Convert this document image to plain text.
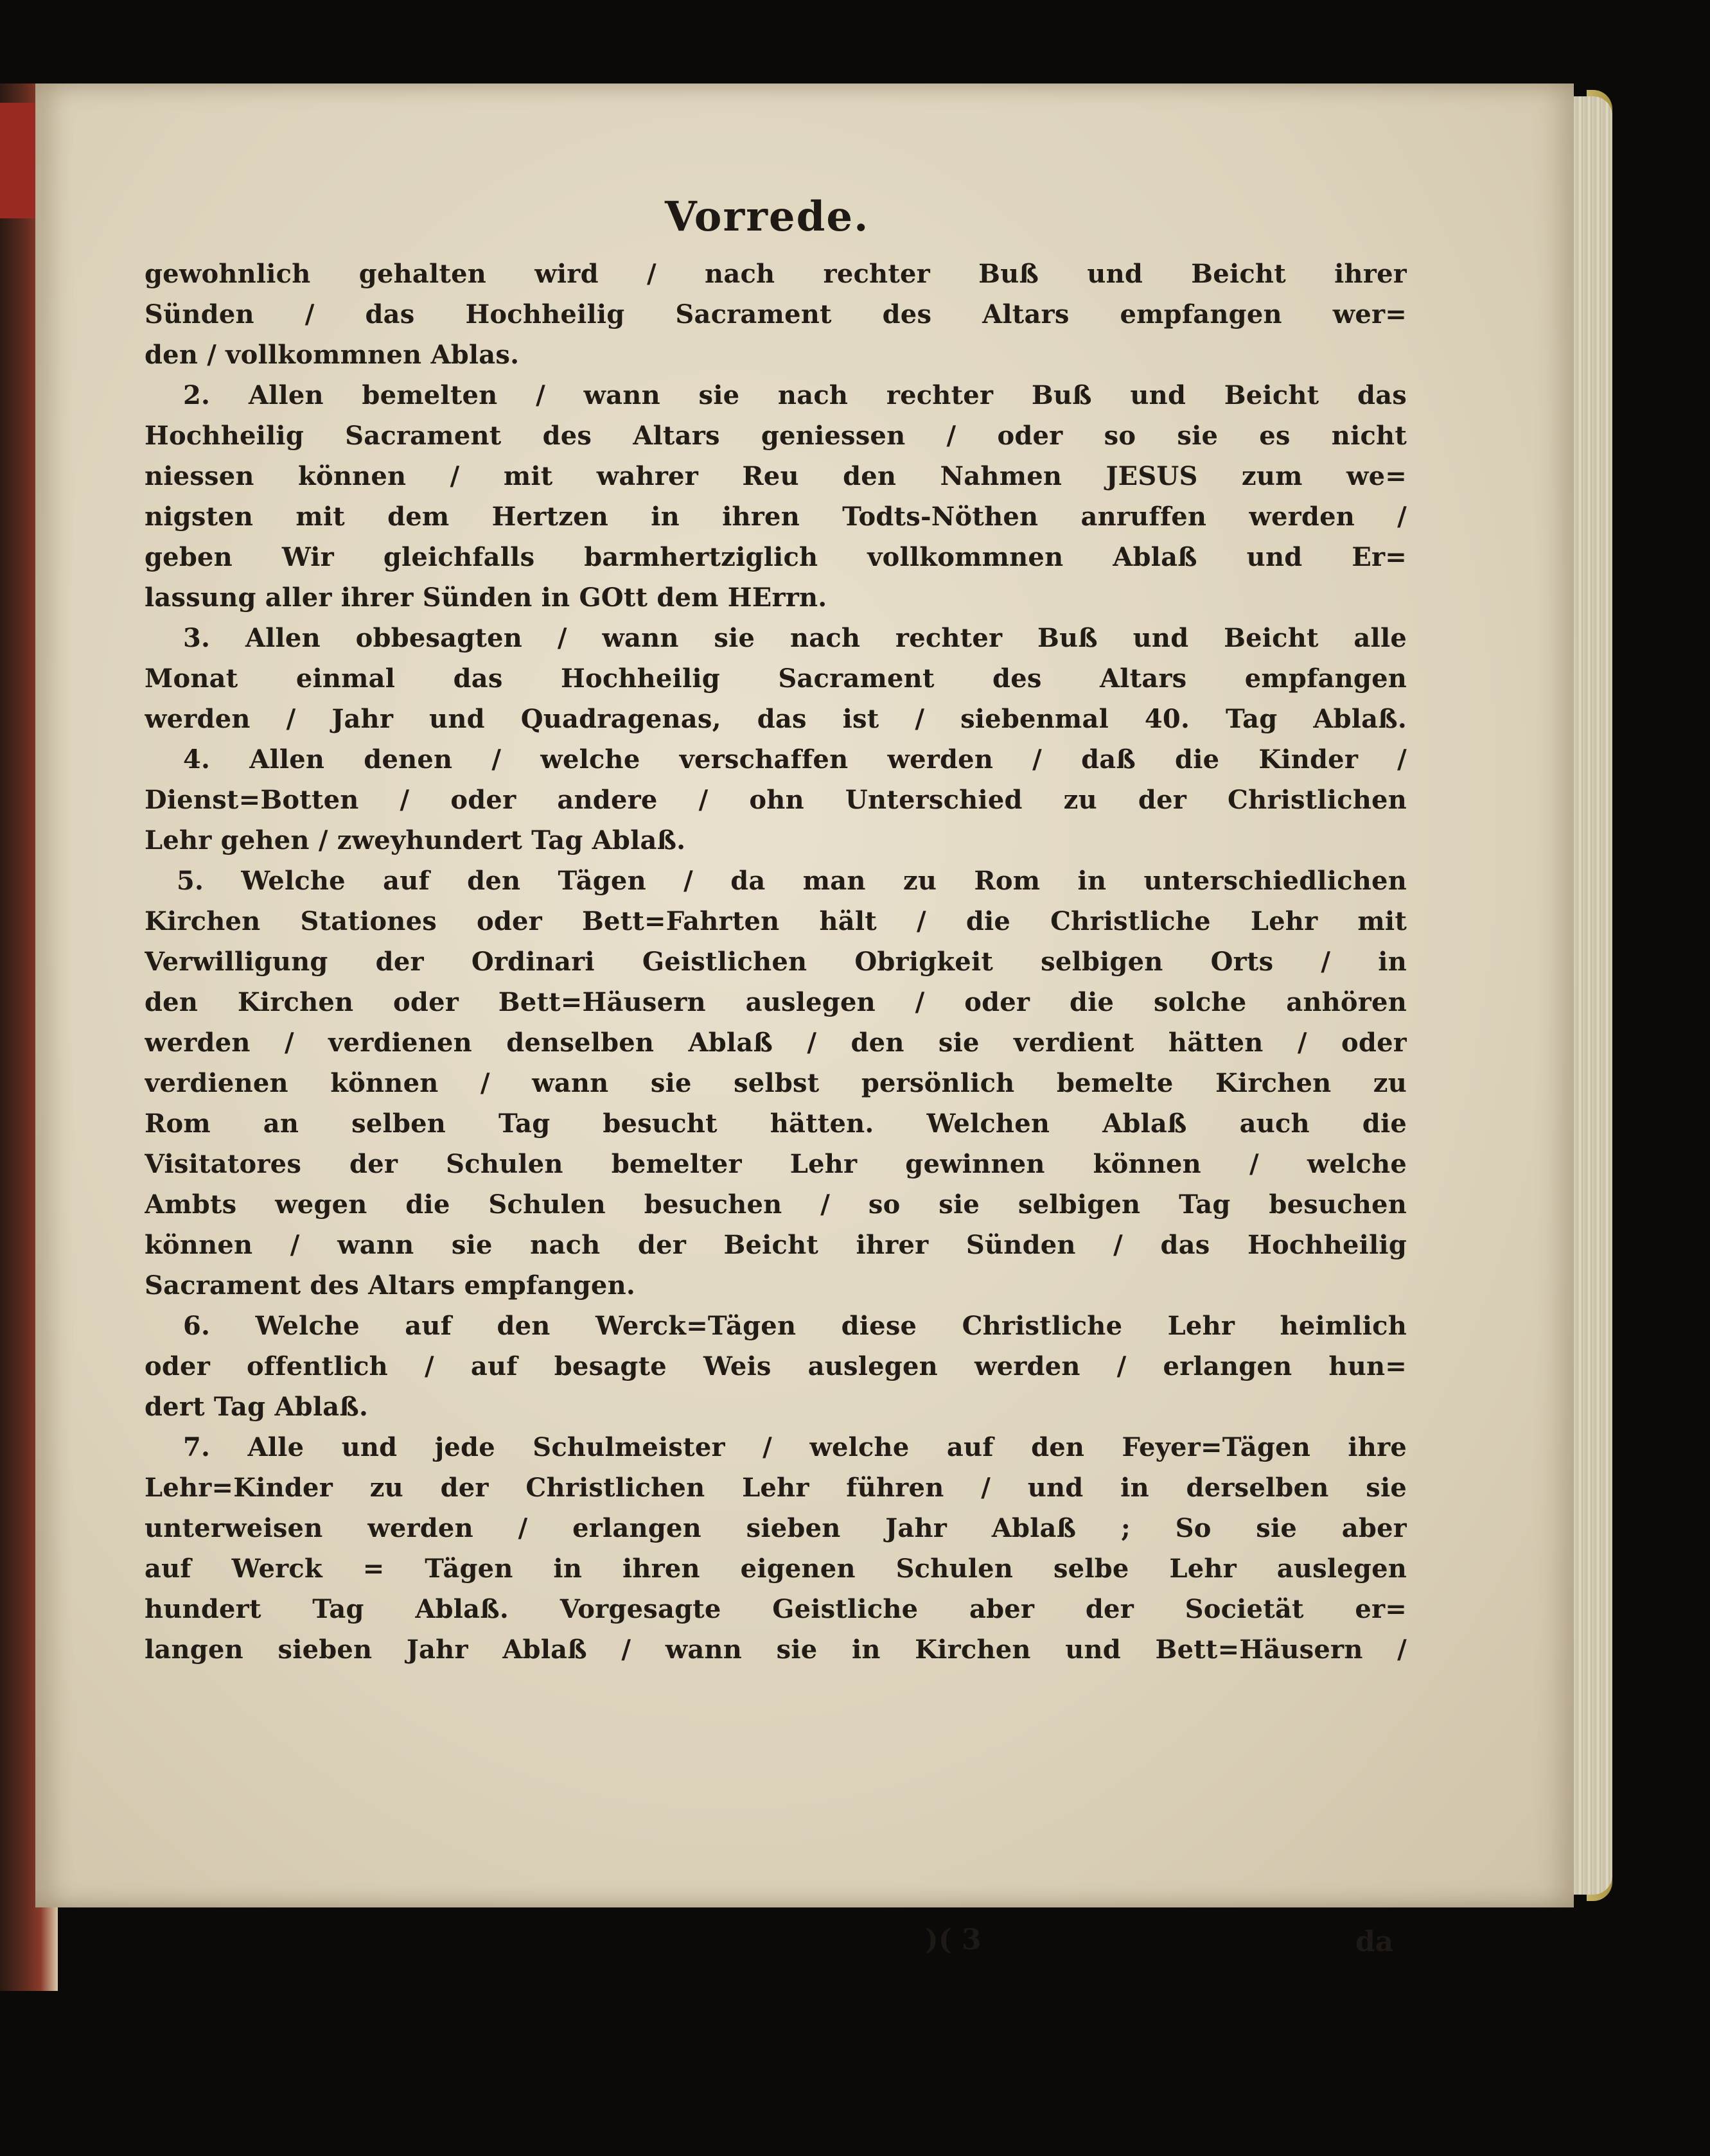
Vorrede.
gewohnlich gehalten wird / nach rechter Buß und Beicht ihrer
Sünden / das Hochheilig Sacrament des Altars empfangen wer=
den / vollkommnen Ablas.
2. Allen bemelten / wann sie nach rechter Buß und Beicht das
Hochheilig Sacrament des Altars geniessen / oder so sie es nicht
niessen können / mit wahrer Reu den Nahmen JESUS zum we=
nigsten mit dem Hertzen in ihren Todts-Nöthen anruffen werden /
geben Wir gleichfalls barmhertziglich vollkommnen Ablaß und Er=
lassung aller ihrer Sünden in GOtt dem HErrn.
3. Allen obbesagten / wann sie nach rechter Buß und Beicht alle
Monat einmal das Hochheilig Sacrament des Altars empfangen
werden / Jahr und Quadragenas, das ist / siebenmal 40. Tag Ablaß.
4. Allen denen / welche verschaffen werden / daß die Kinder /
Dienst=Botten / oder andere / ohn Unterschied zu der Christlichen
Lehr gehen / zweyhundert Tag Ablaß.
5. Welche auf den Tägen / da man zu Rom in unterschiedlichen
Kirchen Stationes oder Bett=Fahrten hält / die Christliche Lehr mit
Verwilligung der Ordinari Geistlichen Obrigkeit selbigen Orts / in
den Kirchen oder Bett=Häusern auslegen / oder die solche anhören
werden / verdienen denselben Ablaß / den sie verdient hätten / oder
verdienen können / wann sie selbst persönlich bemelte Kirchen zu
Rom an selben Tag besucht hätten. Welchen Ablaß auch die
Visitatores der Schulen bemelter Lehr gewinnen können / welche
Ambts wegen die Schulen besuchen / so sie selbigen Tag besuchen
können / wann sie nach der Beicht ihrer Sünden / das Hochheilig
Sacrament des Altars empfangen.
6. Welche auf den Werck=Tägen diese Christliche Lehr heimlich
oder offentlich / auf besagte Weis auslegen werden / erlangen hun=
dert Tag Ablaß.
7. Alle und jede Schulmeister / welche auf den Feyer=Tägen ihre
Lehr=Kinder zu der Christlichen Lehr führen / und in derselben sie
unterweisen werden / erlangen sieben Jahr Ablaß ; So sie aber
auf Werck = Tägen in ihren eigenen Schulen selbe Lehr auslegen
hundert Tag Ablaß. Vorgesagte Geistliche aber der Societät er=
langen sieben Jahr Ablaß / wann sie in Kirchen und Bett=Häusern /
)( 3	da
